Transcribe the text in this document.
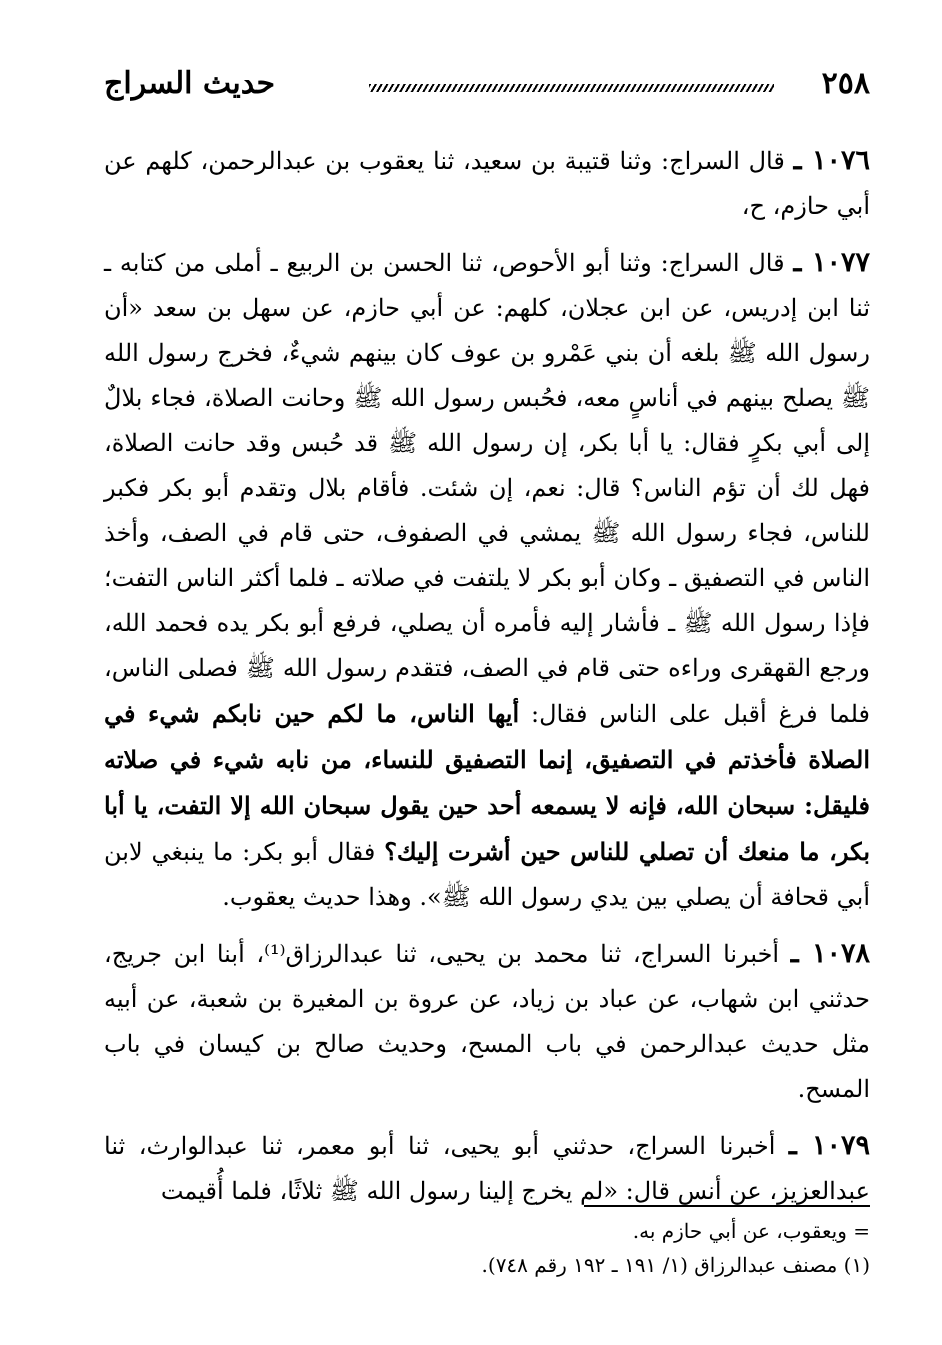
٢٥٨
حديث السراج

١٠٧٦ ـ قال السراج: وثنا قتيبة بن سعيد، ثنا يعقوب بن عبدالرحمن، كلهم عن أبي حازم، ح،

١٠٧٧ ـ قال السراج: وثنا أبو الأحوص، ثنا الحسن بن الربيع ـ أملى من كتابه ـ ثنا ابن إدريس، عن ابن عجلان، كلهم: عن أبي حازم، عن سهل بن سعد «أن رسول الله ﷺ بلغه أن بني عَمْرو بن عوف كان بينهم شيءٌ، فخرج رسول الله ﷺ يصلح بينهم في أناسٍ معه، فحُبس رسول الله ﷺ وحانت الصلاة، فجاء بلالٌ إلى أبي بكرٍ فقال: يا أبا بكر، إن رسول الله ﷺ قد حُبس وقد حانت الصلاة، فهل لك أن تؤم الناس؟ قال: نعم، إن شئت. فأقام بلال وتقدم أبو بكر فكبر للناس، فجاء رسول الله ﷺ يمشي في الصفوف، حتى قام في الصف، وأخذ الناس في التصفيق ـ وكان أبو بكر لا يلتفت في صلاته ـ فلما أكثر الناس التفت؛ فإذا رسول الله ﷺ ـ فأشار إليه فأمره أن يصلي، فرفع أبو بكر يده فحمد الله، ورجع القهقرى وراءه حتى قام في الصف، فتقدم رسول الله ﷺ فصلى الناس، فلما فرغ أقبل على الناس فقال: أيها الناس، ما لكم حين نابكم شيء في الصلاة فأخذتم في التصفيق، إنما التصفيق للنساء، من نابه شيء في صلاته فليقل: سبحان الله، فإنه لا يسمعه أحد حين يقول سبحان الله إلا التفت، يا أبا بكر، ما منعك أن تصلي للناس حين أشرت إليك؟ فقال أبو بكر: ما ينبغي لابن أبي قحافة أن يصلي بين يدي رسول الله ﷺ». وهذا حديث يعقوب.

١٠٧٨ ـ أخبرنا السراج، ثنا محمد بن يحيى، ثنا عبدالرزاق⁽¹⁾، أبنا ابن جريج، حدثني ابن شهاب، عن عباد بن زياد، عن عروة بن المغيرة بن شعبة، عن أبيه مثل حديث عبدالرحمن في باب المسح، وحديث صالح بن كيسان في باب المسح.

١٠٧٩ ـ أخبرنا السراج، حدثني أبو يحيى، ثنا أبو معمر، ثنا عبدالوارث، ثنا عبدالعزيز، عن أنس قال: «لم يخرج إلينا رسول الله ﷺ ثلاثًا، فلما أُقيمت

= ويعقوب، عن أبي حازم به.

(١) مصنف عبدالرزاق (١/ ١٩١ ـ ١٩٢ رقم ٧٤٨).
